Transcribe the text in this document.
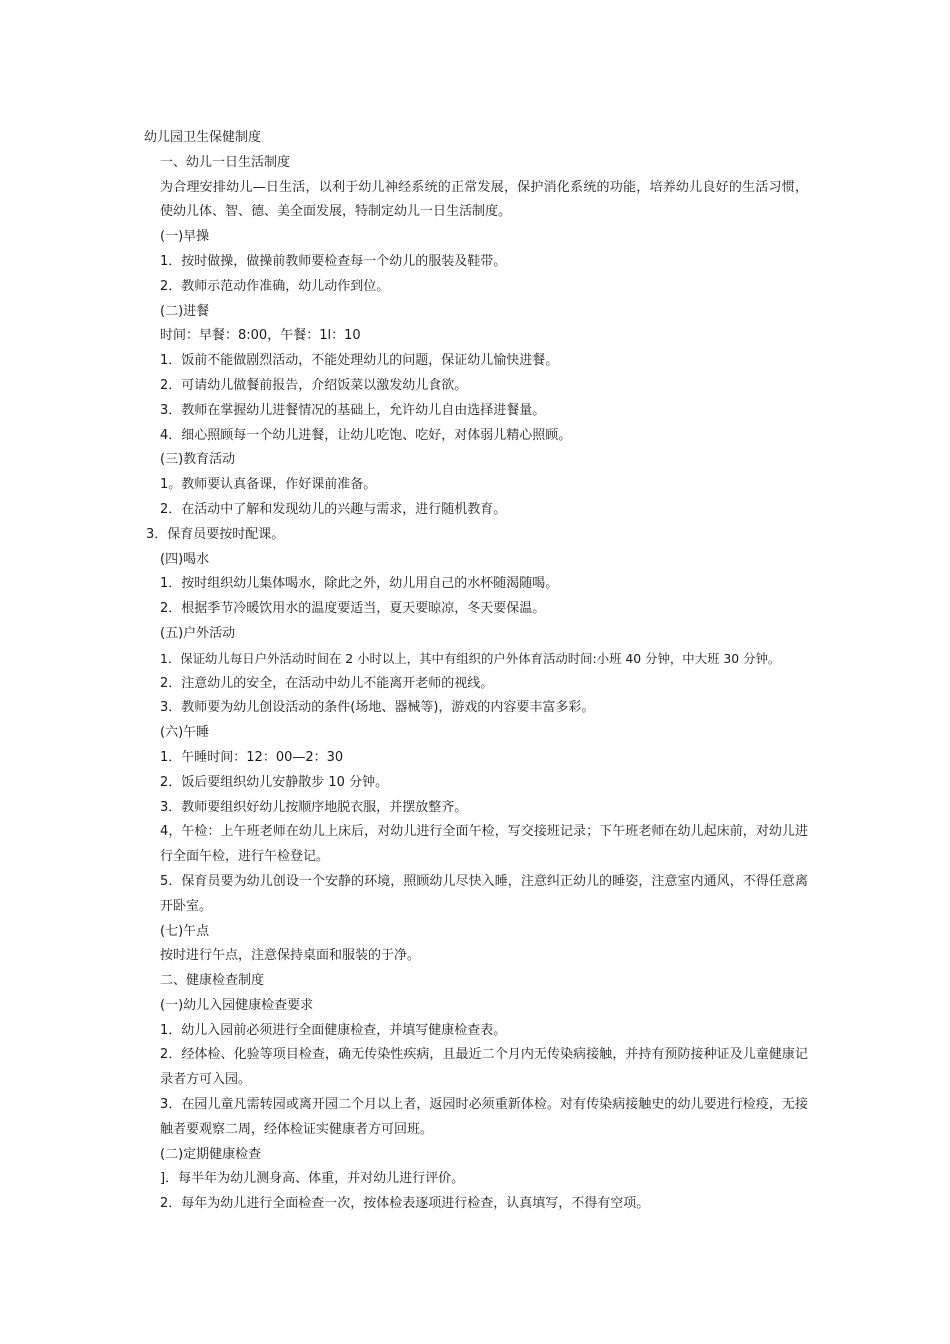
幼儿园卫生保健制度
一、幼儿一日生活制度
为合理安排幼儿—日生活，以利于幼儿神经系统的正常发展，保护消化系统的功能，培养幼儿良好的生活习惯，使幼儿体、智、德、美全面发展，特制定幼儿一日生活制度。
(一)早操
1．按时做操，做操前教师要检查每一个幼儿的服装及鞋带。
2．教师示范动作准确，幼儿动作到位。
(二)进餐
时间：早餐：8:00，午餐：1l：10
1．饭前不能做剧烈活动，不能处理幼儿的问题，保证幼儿愉快进餐。
2．可请幼儿做餐前报告，介绍饭菜以激发幼儿食欲。
3．教师在掌握幼儿进餐情况的基础上，允许幼儿自由选择进餐量。
4．细心照顾每一个幼儿进餐，让幼儿吃饱、吃好，对体弱儿精心照顾。
(三)教育活动
1。教师要认真备课，作好课前准备。
2．在活动中了解和发现幼儿的兴趣与需求，进行随机教育。
3．保育员要按时配课。
(四)喝水
1．按时组织幼儿集体喝水，除此之外，幼儿用自己的水杯随渴随喝。
2．根据季节冷暖饮用水的温度要适当，夏天要晾凉，冬天要保温。
(五)户外活动
1．保证幼儿每日户外活动时间在 2 小时以上，其中有组织的户外体育活动时间:小班 40 分钟，中大班 30 分钟。
2．注意幼儿的安全，在活动中幼儿不能离开老师的视线。
3．教师要为幼儿创设活动的条件(场地、器械等)，游戏的内容要丰富多彩。
(六)午睡
1．午睡时间：12：00—2：30
2．饭后要组织幼儿安静散步 10 分钟。
3．教师要组织好幼儿按顺序地脱衣服，并摆放整齐。
4，午检：上午班老师在幼儿上床后，对幼儿进行全面午检，写交接班记录；下午班老师在幼儿起床前，对幼儿进行全面午检，进行午检登记。
5．保育员要为幼儿创设一个安静的环境，照顾幼儿尽快入睡，注意纠正幼儿的睡姿，注意室内通风，不得任意离开卧室。
(七)午点
按时进行午点，注意保持桌面和服装的于净。
二、健康检查制度
(一)幼儿入园健康检查要求
1．幼儿入园前必须进行全面健康检查，并填写健康检查表。
2．经体检、化验等项目检查，确无传染性疾病，且最近二个月内无传染病接触，并持有预防接种证及儿童健康记录者方可入园。
3．在园儿童凡需转园或离开园二个月以上者，返园时必须重新体检。对有传染病接触史的幼儿要进行检疫，无接触者要观察二周，经体检证实健康者方可回班。
(二)定期健康检查
]．每半年为幼儿测身高、体重，并对幼儿进行评价。
2．每年为幼儿进行全面检查一次，按体检表逐项进行检查，认真填写，不得有空项。
